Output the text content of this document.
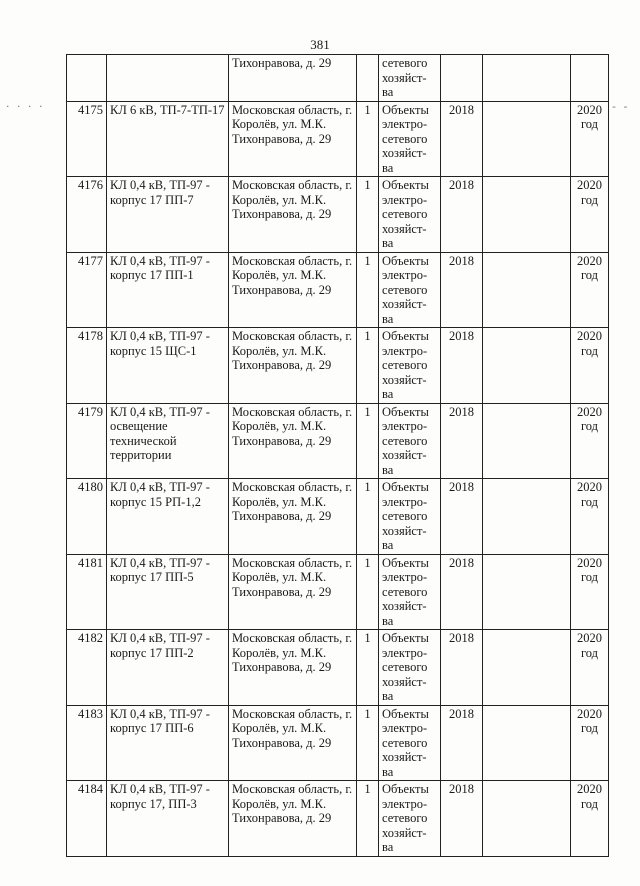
381
· · · ·	- -
		Тихонравова, д. 29		сетевого хозяйст-ва			
4175	КЛ 6 кВ, ТП-7-ТП-17	Московская область, г. Королёв, ул. М.К. Тихонравова, д. 29	1	Объекты электро-сетевого хозяйст-ва	2018		2020 год
4176	КЛ 0,4 кВ, ТП-97 - корпус 17 ПП-7	Московская область, г. Королёв, ул. М.К. Тихонравова, д. 29	1	Объекты электро-сетевого хозяйст-ва	2018		2020 год
4177	КЛ 0,4 кВ, ТП-97 - корпус 17 ПП-1	Московская область, г. Королёв, ул. М.К. Тихонравова, д. 29	1	Объекты электро-сетевого хозяйст-ва	2018		2020 год
4178	КЛ 0,4 кВ, ТП-97 - корпус 15 ЩС-1	Московская область, г. Королёв, ул. М.К. Тихонравова, д. 29	1	Объекты электро-сетевого хозяйст-ва	2018		2020 год
4179	КЛ 0,4 кВ, ТП-97 - освещение технической территории	Московская область, г. Королёв, ул. М.К. Тихонравова, д. 29	1	Объекты электро-сетевого хозяйст-ва	2018		2020 год
4180	КЛ 0,4 кВ, ТП-97 - корпус 15 РП-1,2	Московская область, г. Королёв, ул. М.К. Тихонравова, д. 29	1	Объекты электро-сетевого хозяйст-ва	2018		2020 год
4181	КЛ 0,4 кВ, ТП-97 - корпус 17 ПП-5	Московская область, г. Королёв, ул. М.К. Тихонравова, д. 29	1	Объекты электро-сетевого хозяйст-ва	2018		2020 год
4182	КЛ 0,4 кВ, ТП-97 - корпус 17 ПП-2	Московская область, г. Королёв, ул. М.К. Тихонравова, д. 29	1	Объекты электро-сетевого хозяйст-ва	2018		2020 год
4183	КЛ 0,4 кВ, ТП-97 - корпус 17 ПП-6	Московская область, г. Королёв, ул. М.К. Тихонравова, д. 29	1	Объекты электро-сетевого хозяйст-ва	2018		2020 год
4184	КЛ 0,4 кВ, ТП-97 - корпус 17, ПП-3	Московская область, г. Королёв, ул. М.К. Тихонравова, д. 29	1	Объекты электро-сетевого хозяйст-ва	2018		2020 год
